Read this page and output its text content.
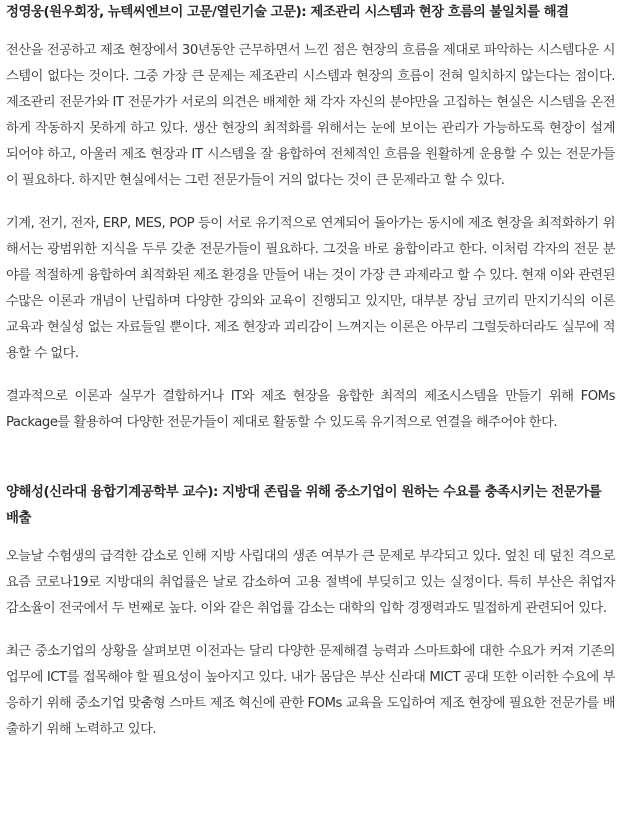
정영웅(원우회장, 뉴텍씨엔브이 고문/열린기술 고문): 제조관리 시스템과 현장 흐름의 불일치를 해결

전산을 전공하고 제조 현장에서 30년동안 근무하면서 느낀 점은 현장의 흐름을 제대로 파악하는 시스템다운 시스템이 없다는 것이다. 그중 가장 큰 문제는 제조관리 시스템과 현장의 흐름이 전혀 일치하지 않는다는 점이다. 제조관리 전문가와 IT 전문가가 서로의 의견은 배제한 채 각자 자신의 분야만을 고집하는 현실은 시스템을 온전하게 작동하지 못하게 하고 있다. 생산 현장의 최적화를 위해서는 눈에 보이는 관리가 가능하도록 현장이 설계되어야 하고, 아울러 제조 현장과 IT 시스템을 잘 융합하여 전체적인 흐름을 원활하게 운용할 수 있는 전문가들이 필요하다. 하지만 현실에서는 그런 전문가들이 거의 없다는 것이 큰 문제라고 할 수 있다.

기계, 전기, 전자, ERP, MES, POP 등이 서로 유기적으로 연계되어 돌아가는 동시에 제조 현장을 최적화하기 위해서는 광범위한 지식을 두루 갖춘 전문가들이 필요하다. 그것을 바로 융합이라고 한다. 이처럼 각자의 전문 분야를 적절하게 융합하여 최적화된 제조 환경을 만들어 내는 것이 가장 큰 과제라고 할 수 있다. 현재 이와 관련된 수많은 이론과 개념이 난립하며 다양한 강의와 교육이 진행되고 있지만, 대부분 장님 코끼리 만지기식의 이론 교육과 현실성 없는 자료들일 뿐이다. 제조 현장과 괴리감이 느껴지는 이론은 아무리 그럴듯하더라도 실무에 적용할 수 없다.

결과적으로 이론과 실무가 결합하거나 IT와 제조 현장을 융합한 최적의 제조시스템을 만들기 위해 FOMs Package를 활용하여 다양한 전문가들이 제대로 활동할 수 있도록 유기적으로 연결을 해주어야 한다.

양해성(신라대 융합기계공학부 교수): 지방대 존립을 위해 중소기업이 원하는 수요를 충족시키는 전문가를 배출

오늘날 수험생의 급격한 감소로 인해 지방 사립대의 생존 여부가 큰 문제로 부각되고 있다. 엎친 데 덮친 격으로 요즘 코로나19로 지방대의 취업률은 날로 감소하여 고용 절벽에 부딪히고 있는 실정이다. 특히 부산은 취업자 감소율이 전국에서 두 번째로 높다. 이와 같은 취업률 감소는 대학의 입학 경쟁력과도 밀접하게 관련되어 있다.

최근 중소기업의 상황을 살펴보면 이전과는 달리 다양한 문제해결 능력과 스마트화에 대한 수요가 커져 기존의 업무에 ICT를 접목해야 할 필요성이 높아지고 있다. 내가 몸담은 부산 신라대 MICT 공대 또한 이러한 수요에 부응하기 위해 중소기업 맞춤형 스마트 제조 혁신에 관한 FOMs 교육을 도입하여 제조 현장에 필요한 전문가를 배출하기 위해 노력하고 있다.
